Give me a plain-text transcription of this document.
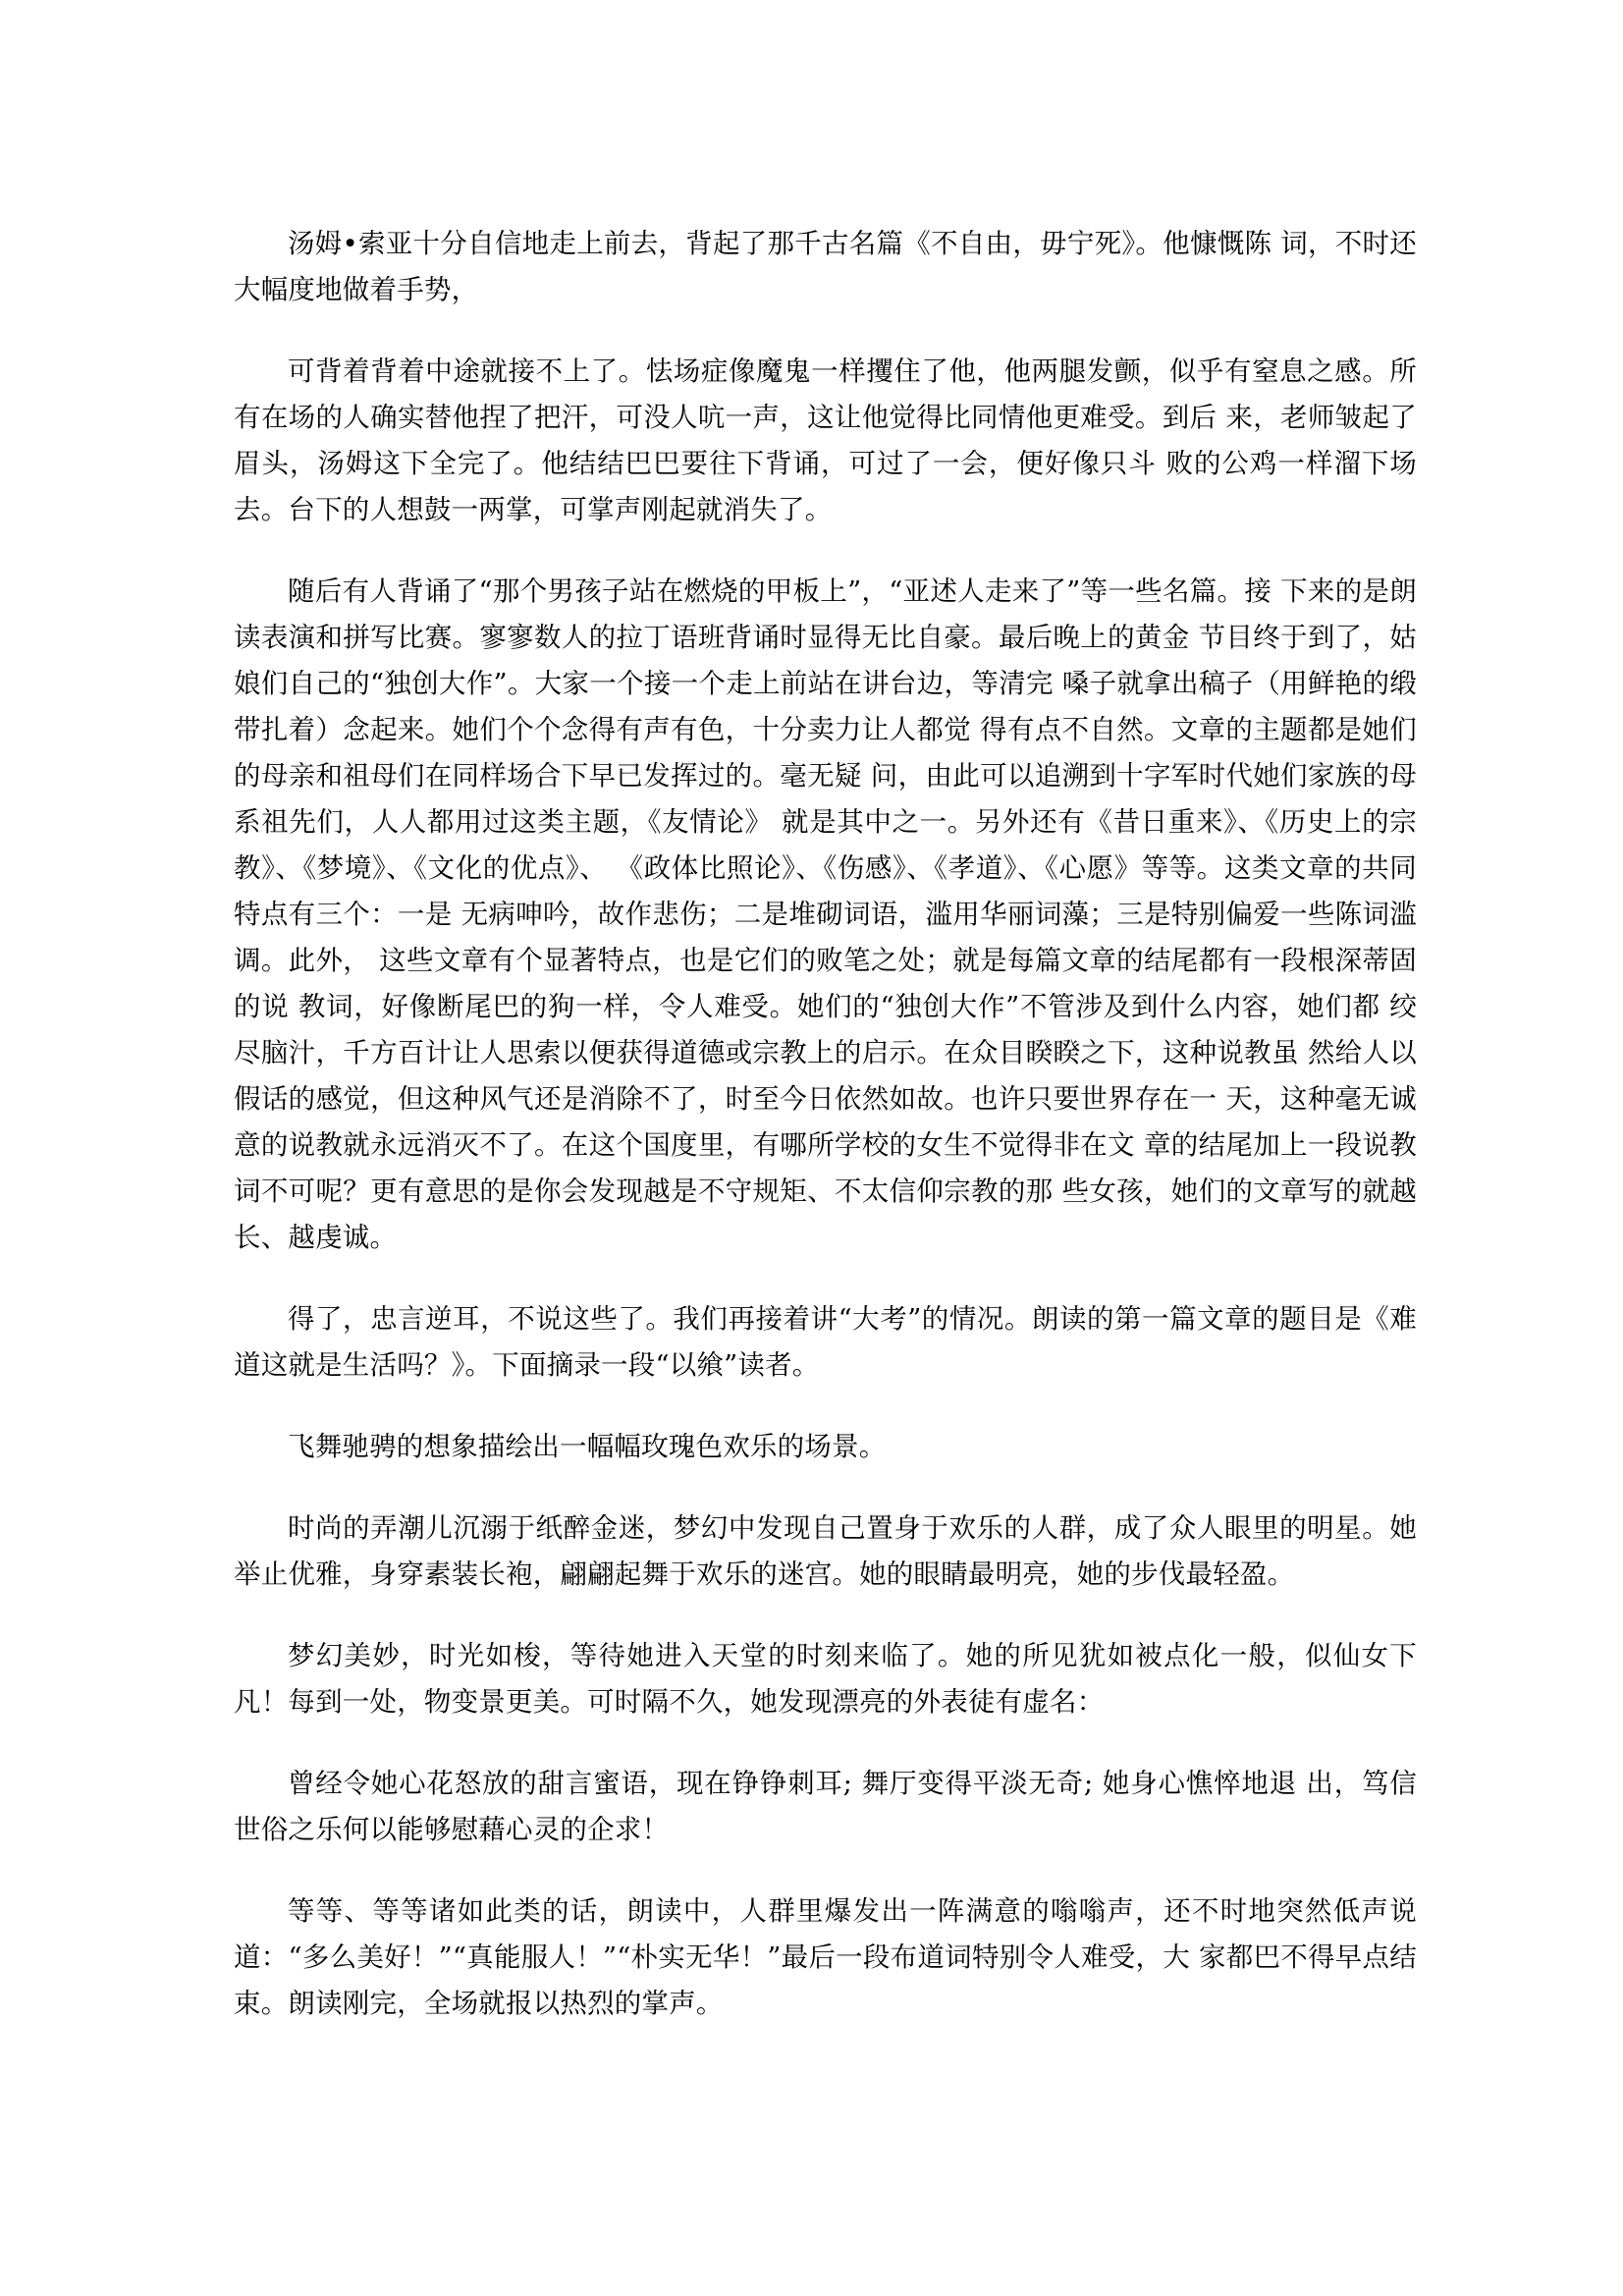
汤姆•索亚十分自信地走上前去，背起了那千古名篇《不自由，毋宁死》。他慷慨陈 词，不时还大幅度地做着手势，

可背着背着中途就接不上了。怯场症像魔鬼一样攫住了他，他两腿发颤，似乎有窒息之感。所有在场的人确实替他捏了把汗，可没人吭一声，这让他觉得比同情他更难受。到后 来，老师皱起了眉头，汤姆这下全完了。他结结巴巴要往下背诵，可过了一会，便好像只斗 败的公鸡一样溜下场去。台下的人想鼓一两掌，可掌声刚起就消失了。

随后有人背诵了“那个男孩子站在燃烧的甲板上”，“亚述人走来了”等一些名篇。接 下来的是朗读表演和拼写比赛。寥寥数人的拉丁语班背诵时显得无比自豪。最后晚上的黄金 节目终于到了，姑娘们自己的“独创大作”。大家一个接一个走上前站在讲台边，等清完 嗓子就拿出稿子（用鲜艳的缎带扎着）念起来。她们个个念得有声有色，十分卖力让人都觉 得有点不自然。文章的主题都是她们的母亲和祖母们在同样场合下早已发挥过的。毫无疑 问，由此可以追溯到十字军时代她们家族的母系祖先们，人人都用过这类主题，《友情论》 就是其中之一。另外还有《昔日重来》、《历史上的宗教》、《梦境》、《文化的优点》、 《政体比照论》、《伤感》、《孝道》、《心愿》等等。这类文章的共同特点有三个：一是 无病呻吟，故作悲伤；二是堆砌词语，滥用华丽词藻；三是特别偏爱一些陈词滥调。此外， 这些文章有个显著特点，也是它们的败笔之处；就是每篇文章的结尾都有一段根深蒂固的说 教词，好像断尾巴的狗一样，令人难受。她们的“独创大作”不管涉及到什么内容，她们都 绞尽脑汁，千方百计让人思索以便获得道德或宗教上的启示。在众目睽睽之下，这种说教虽 然给人以假话的感觉，但这种风气还是消除不了，时至今日依然如故。也许只要世界存在一 天，这种毫无诚意的说教就永远消灭不了。在这个国度里，有哪所学校的女生不觉得非在文 章的结尾加上一段说教词不可呢？更有意思的是你会发现越是不守规矩、不太信仰宗教的那 些女孩，她们的文章写的就越长、越虔诚。

得了，忠言逆耳，不说这些了。我们再接着讲“大考”的情况。朗读的第一篇文章的题目是《难道这就是生活吗？》。下面摘录一段“以飨”读者。

飞舞驰骋的想象描绘出一幅幅玫瑰色欢乐的场景。

时尚的弄潮儿沉溺于纸醉金迷，梦幻中发现自己置身于欢乐的人群，成了众人眼里的明星。她举止优雅，身穿素装长袍，翩翩起舞于欢乐的迷宫。她的眼睛最明亮，她的步伐最轻盈。

梦幻美妙，时光如梭，等待她进入天堂的时刻来临了。她的所见犹如被点化一般，似仙女下凡！每到一处，物变景更美。可时隔不久，她发现漂亮的外表徒有虚名：

曾经令她心花怒放的甜言蜜语，现在铮铮刺耳; 舞厅变得平淡无奇; 她身心憔悴地退 出，笃信世俗之乐何以能够慰藉心灵的企求！

等等、等等诸如此类的话，朗读中，人群里爆发出一阵满意的嗡嗡声，还不时地突然低声说道：“多么美好！”“真能服人！”“朴实无华！”最后一段布道词特别令人难受，大 家都巴不得早点结束。朗读刚完，全场就报以热烈的掌声。
